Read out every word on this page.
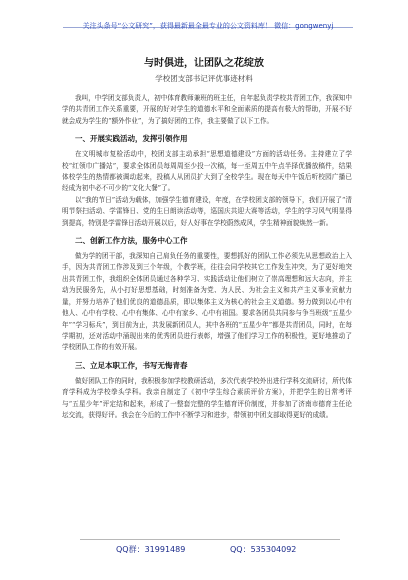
关注头条号“公文研究”，获得最新最全最专业的公文资料库！ 微信：gongwenyj
与时俱进，让团队之花绽放
学校团支部书记评优事迹材料

我叫，中学团支部负责人，初中体育教师兼班的班主任，自年起负责学校共青团工作，我深知中学的共青团工作关系重要，开展的好对学生的道德水平和全面素质的提高有极大的帮助，开展不好就会成为学生的“额外作业”，为了搞好团的工作，我主要做了以下工作。

一、开展实践活动，发挥引领作用

在文明城市复检活动中，校团支部主动承担“思想道德建设”方面的活动任务。主持建立了学校“红领巾广播站”，要求全体团员每周周至少投一次稿，每一至周五中午点半择优播放稿件，结果体校学生的热情都被调动起来，投稿人从团员扩大到了全校学生。现在每天中午饭后听校园广播已经成为初中必不可少的“文化大餐”了。

以“我的节日”活动为载体，加强学生德育建设，年度，在学校团支部的领导下，我们开展了“清明节祭扫活动、学雷锋日、党的生日朗读活动等，巡国庆共迎大赛等活动，学生的学习风气明显得到提高，特别是学雷锋日活动开展以后，好人好事在学校蔚然成风，学生精神面貌焕然一新。

二、创新工作方法，服务中心工作

做为学的团干部，我深知自己肩负任务的重要性，要想抓好的团队工作必须先从思想政治上入手，因为共青团工作涉及到三个年级，个教学班，往往会同学校其它工作发生冲突，为了更好地突出共青团工作，我组织全体团员通过各种学习、实践活动让他们树立了崇高理想和远大志向，并主动为民服务先，从小打好思想基础，时刻准备为党、为人民、为社会主义和共产主义事业贡献力量，并努力培养了他们优良的道德品质，即以集体主义为核心的社会主义道德。努力做到以心中有他人、心中有学校、心中有集体、心中有家乡、心中有祖国。要求各团员共同参与争当班级“五星少年”“学习标兵”，到目前为止，共发展新团员人，其中各班的“五星少年”都是共青团员，同时，在每学期初，还对活动中涌现出来的优秀团员进行表彰，增强了他们学习工作的积极性，更好地推动了学校团队工作的有效开展。

三、立足本职工作，书写无悔青春

做好团队工作的同时，我积极参加学校教研活动，多次代表学校外出进行学科交流研讨，所代体育学科成为学校拳头学科。我亲自制定了《初中学生综合素质评价方案》，并把学生的日常考评与“五星少年”评定结和起来，形成了一整套完整的学生德育评价制度，并参加了济南市德育主任论坛交流，获得好评。我会在今后的工作中不断学习和进步，带领初中团支部取得更好的成绩。

QQ群：31991489	QQ：535304092
